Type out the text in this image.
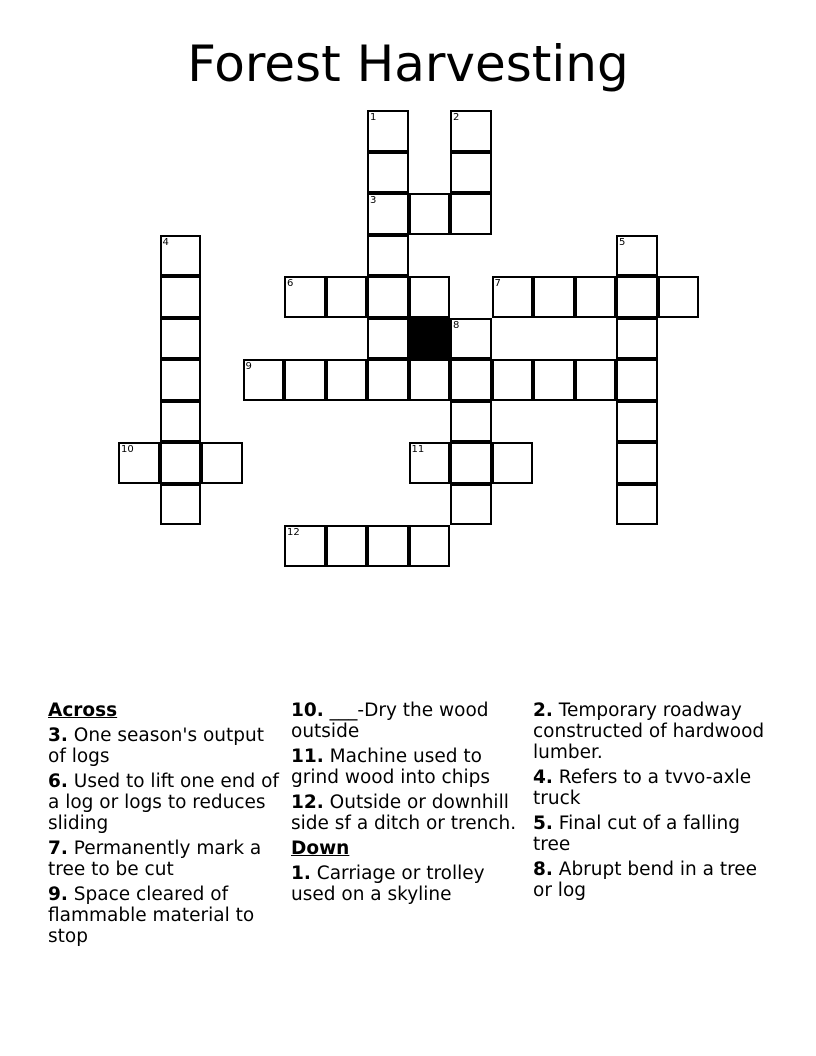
Forest Harvesting
1	2
3
4	5
6	7
8
9
10	11
12
Across
3. One season's output of logs
6. Used to lift one end of a log or logs to reduces sliding
7. Permanently mark a tree to be cut
9. Space cleared of flammable material to stop
10. ___-Dry the wood outside
11. Machine used to grind wood into chips
12. Outside or downhill side sf a ditch or trench.
Down
1. Carriage or trolley used on a skyline
2. Temporary roadway constructed of hardwood lumber.
4. Refers to a tvvo-axle truck
5. Final cut of a falling tree
8. Abrupt bend in a tree or log
